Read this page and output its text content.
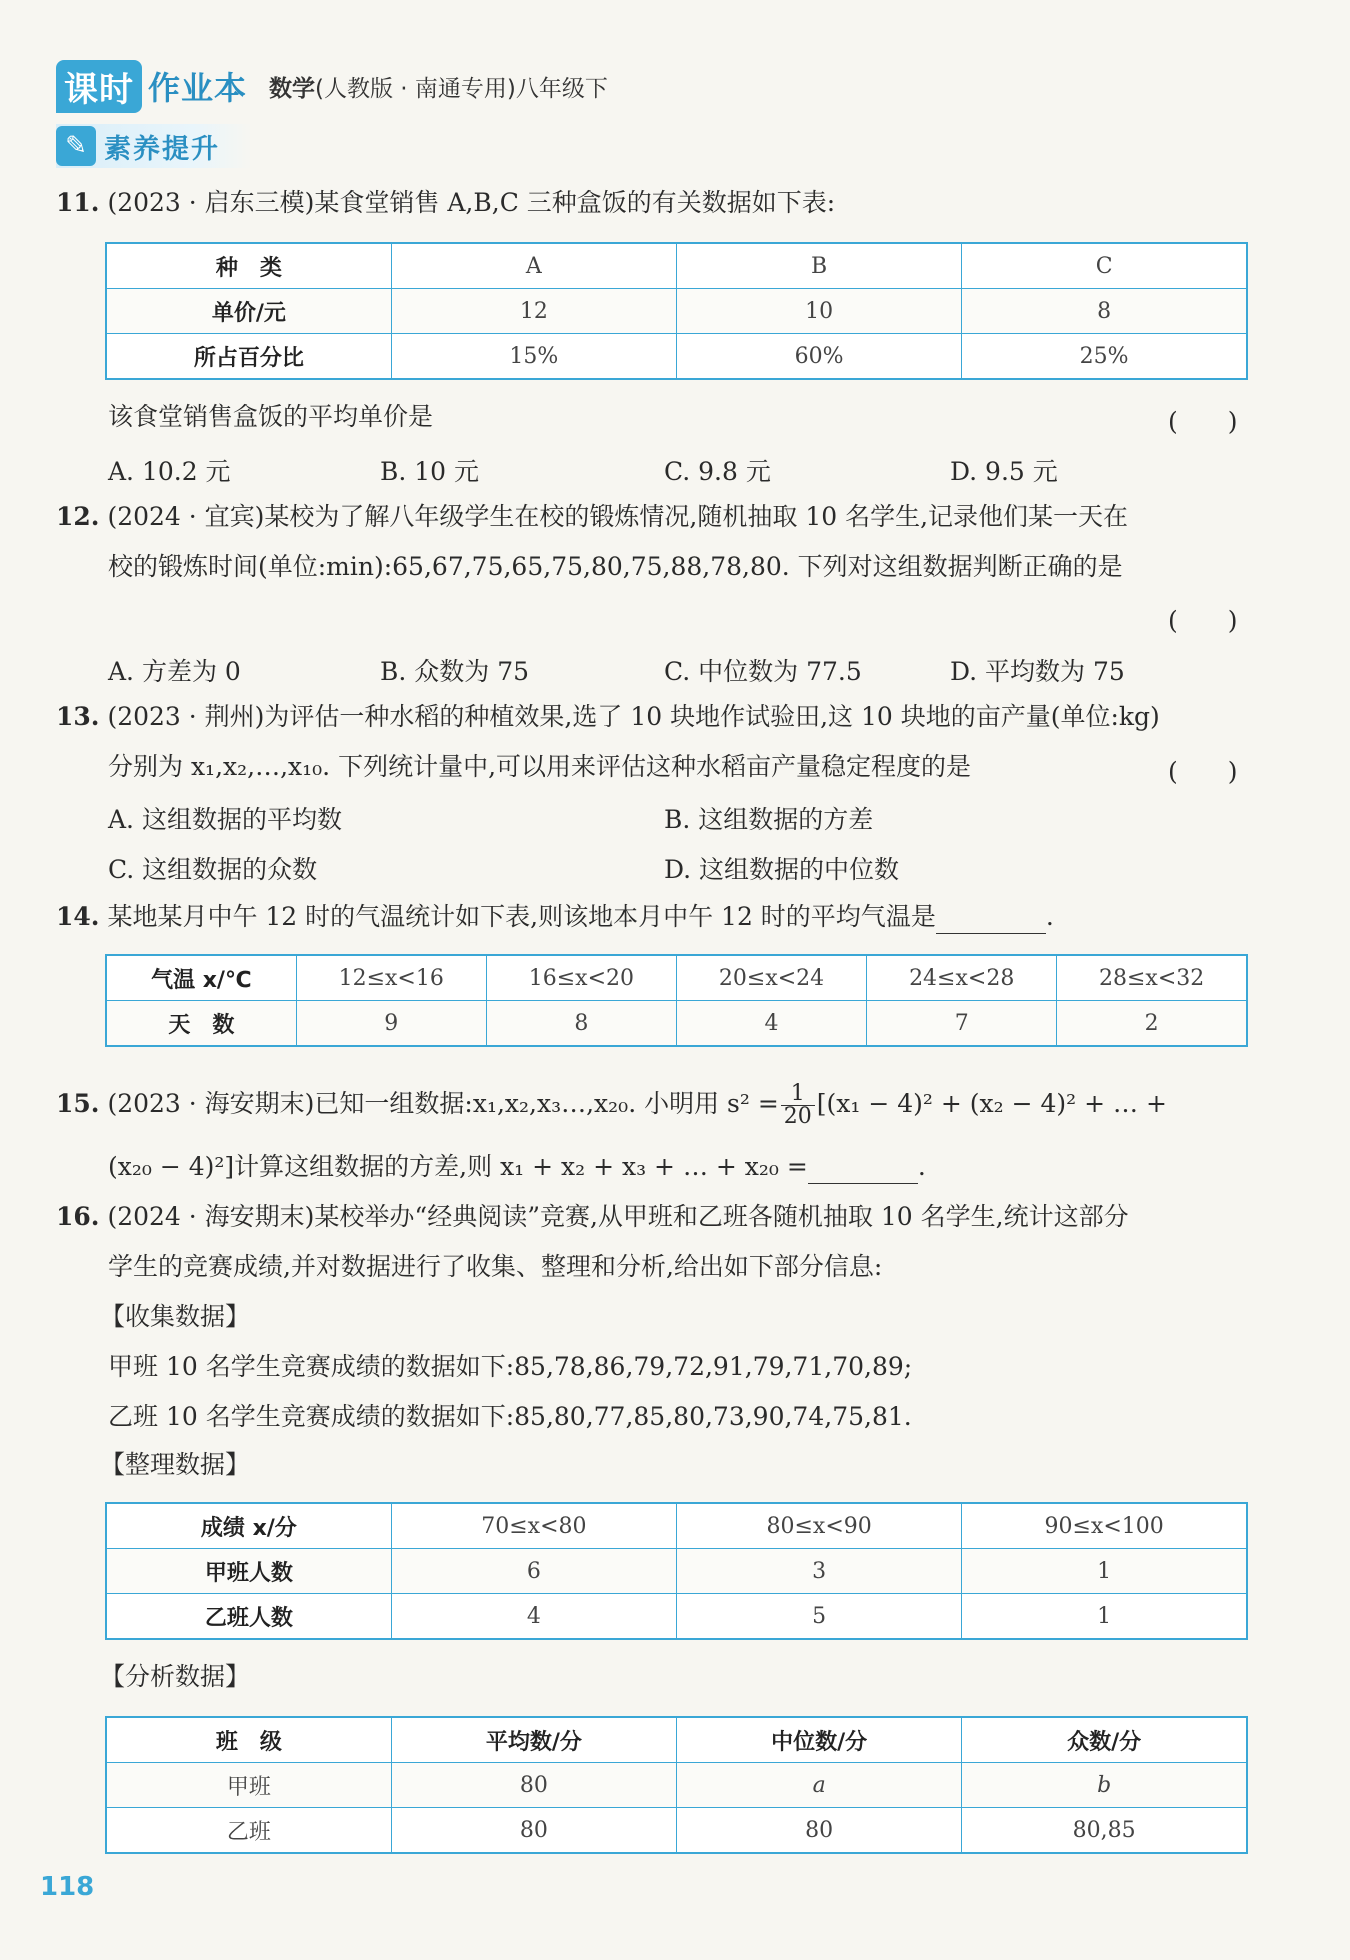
课时 作业本 数学(人教版 · 南通专用)八年级下
✎ 素养提升
11. (2023 · 启东三模)某食堂销售 A,B,C 三种盒饭的有关数据如下表:
种　类	A	B	C
单价/元	12	10	8
所占百分比	15%	60%	25%
该食堂销售盒饭的平均单价是	(　　)
A. 10.2 元	B. 10 元	C. 9.8 元	D. 9.5 元
12. (2024 · 宜宾)某校为了解八年级学生在校的锻炼情况,随机抽取 10 名学生,记录他们某一天在
校的锻炼时间(单位:min):65,67,75,65,75,80,75,88,78,80. 下列对这组数据判断正确的是
(　　)
A. 方差为 0	B. 众数为 75	C. 中位数为 77.5	D. 平均数为 75
13. (2023 · 荆州)为评估一种水稻的种植效果,选了 10 块地作试验田,这 10 块地的亩产量(单位:kg)
分别为 x₁,x₂,…,x₁₀. 下列统计量中,可以用来评估这种水稻亩产量稳定程度的是	(　　)
A. 这组数据的平均数	B. 这组数据的方差
C. 这组数据的众数	D. 这组数据的中位数
14. 某地某月中午 12 时的气温统计如下表,则该地本月中午 12 时的平均气温是	.
气温 x/℃	12≤x<16	16≤x<20	20≤x<24	24≤x<28	28≤x<32
天　数	9	8	4	7	2
15. (2023 · 海安期末)已知一组数据:x₁,x₂,x₃…,x₂₀. 小明用 $s^2 = \frac{1}{20} [(x_1 - 4)^2 + (x_2 - 4)^2$ + … +
(x₂₀ − 4)²]计算这组数据的方差,则 x₁ + x₂ + x₃ + … + x₂₀ =	.
16. (2024 · 海安期末)某校举办“经典阅读”竞赛,从甲班和乙班各随机抽取 10 名学生,统计这部分
学生的竞赛成绩,并对数据进行了收集、整理和分析,给出如下部分信息:
【收集数据】
甲班 10 名学生竞赛成绩的数据如下:85,78,86,79,72,91,79,71,70,89;
乙班 10 名学生竞赛成绩的数据如下:85,80,77,85,80,73,90,74,75,81.
【整理数据】
成绩 x/分	70≤x<80	80≤x<90	90≤x<100
甲班人数	6	3	1
乙班人数	4	5	1
【分析数据】
班　级	平均数/分	中位数/分	众数/分
甲班	80	a	b
乙班	80	80	80,85
118
